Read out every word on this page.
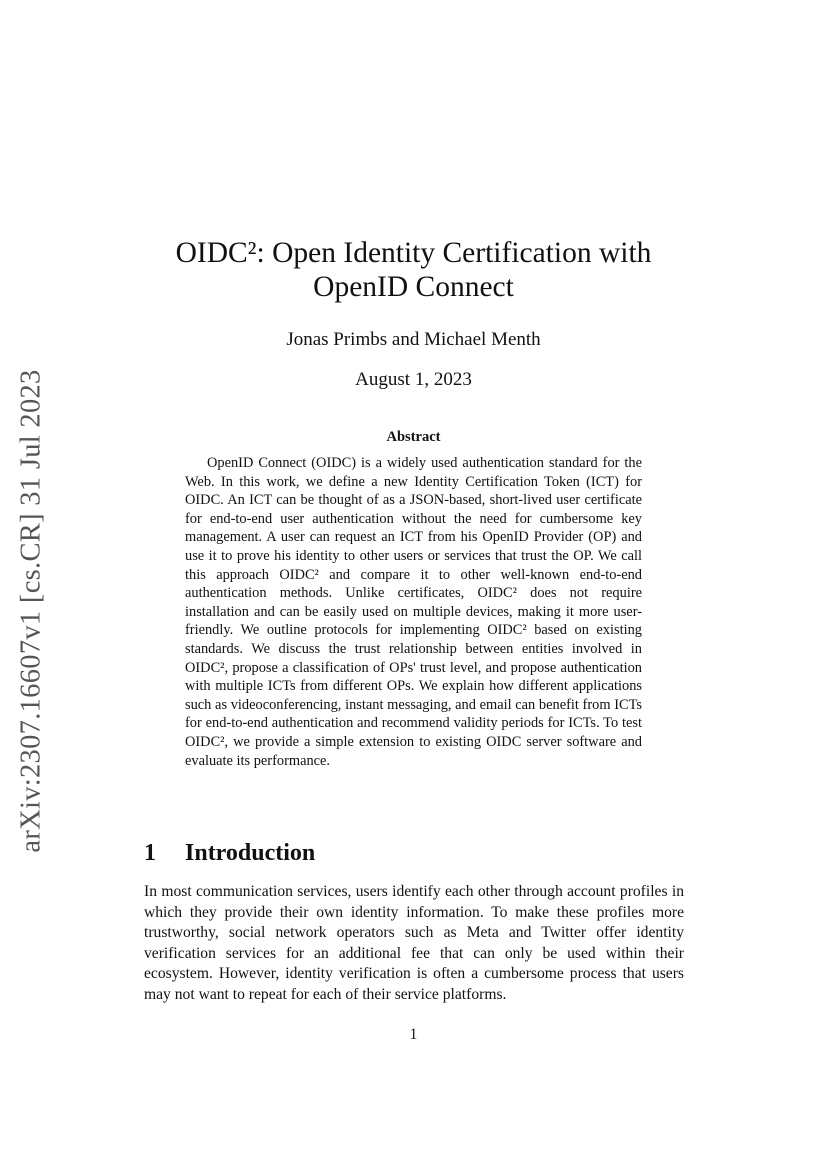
arXiv:2307.16607v1 [cs.CR] 31 Jul 2023
OIDC²: Open Identity Certification with
OpenID Connect
Jonas Primbs and Michael Menth
August 1, 2023
Abstract

OpenID Connect (OIDC) is a widely used authentication standard for the Web. In this work, we define a new Identity Certification Token (ICT) for OIDC. An ICT can be thought of as a JSON-based, short-lived user certificate for end-to-end user authentication without the need for cumbersome key management. A user can request an ICT from his OpenID Provider (OP) and use it to prove his identity to other users or services that trust the OP. We call this approach OIDC² and compare it to other well-known end-to-end authentication methods. Unlike certificates, OIDC² does not require installation and can be easily used on multiple devices, making it more user-friendly. We outline protocols for implementing OIDC² based on existing standards. We discuss the trust relationship between entities involved in OIDC², propose a classification of OPs' trust level, and propose authentication with multiple ICTs from different OPs. We explain how different applications such as videoconferencing, instant messaging, and email can benefit from ICTs for end-to-end authentication and recommend validity periods for ICTs. To test OIDC², we provide a simple extension to existing OIDC server software and evaluate its performance.

1	Introduction

In most communication services, users identify each other through account profiles in which they provide their own identity information. To make these profiles more trustworthy, social network operators such as Meta and Twitter offer identity verification services for an additional fee that can only be used within their ecosystem. However, identity verification is often a cumbersome process that users may not want to repeat for each of their service platforms.

1
